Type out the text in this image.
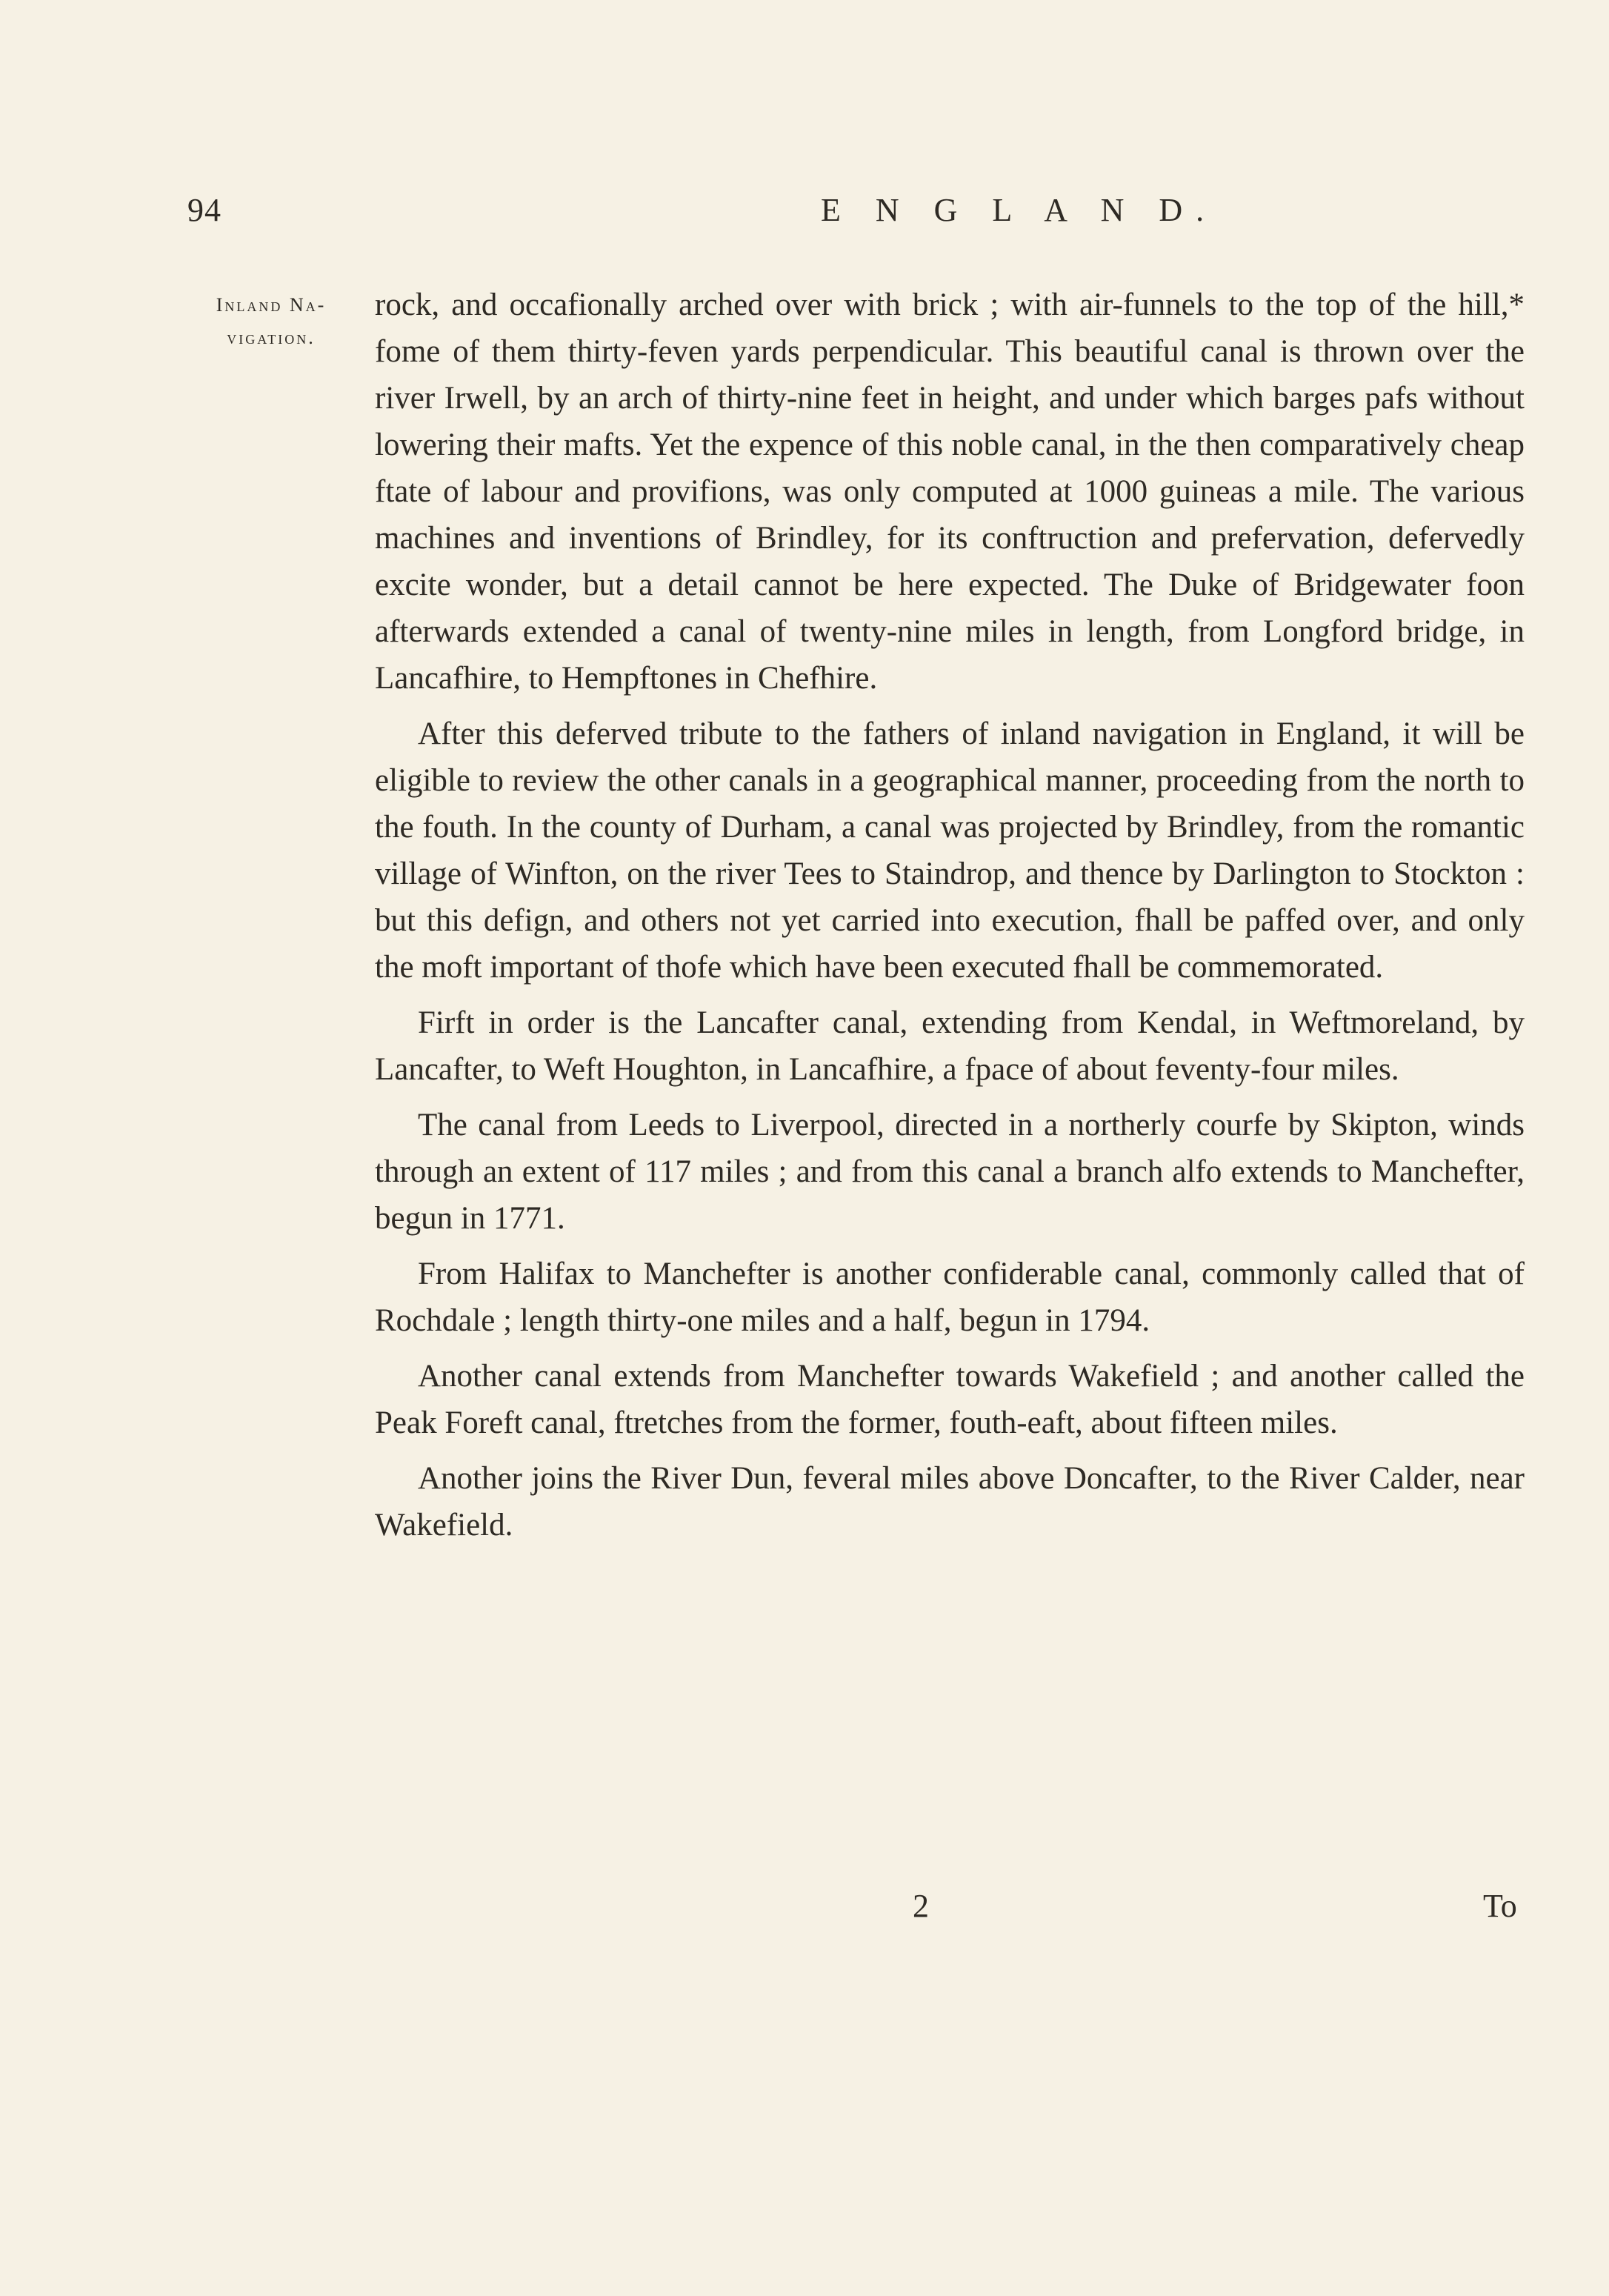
94	E N G L A N D.
Inland Na-
vigation.

rock, and occafionally arched over with brick ; with air-funnels to the top of the hill,* fome of them thirty-feven yards perpendicular. This beautiful canal is thrown over the river Irwell, by an arch of thirty-nine feet in height, and under which barges pafs without lowering their mafts. Yet the expence of this noble canal, in the then comparatively cheap ftate of labour and provifions, was only computed at 1000 guineas a mile. The various machines and inventions of Brindley, for its conftruction and prefervation, defervedly excite wonder, but a detail cannot be here expected. The Duke of Bridgewater foon afterwards extended a canal of twenty-nine miles in length, from Longford bridge, in Lancafhire, to Hempftones in Chefhire.

After this deferved tribute to the fathers of inland navigation in England, it will be eligible to review the other canals in a geographical manner, proceeding from the north to the fouth. In the county of Durham, a canal was projected by Brindley, from the romantic village of Winfton, on the river Tees to Staindrop, and thence by Darlington to Stockton : but this defign, and others not yet carried into execution, fhall be paffed over, and only the moft important of thofe which have been executed fhall be commemorated.

Firft in order is the Lancafter canal, extending from Kendal, in Weftmoreland, by Lancafter, to Weft Houghton, in Lancafhire, a fpace of about feventy-four miles.

The canal from Leeds to Liverpool, directed in a northerly courfe by Skipton, winds through an extent of 117 miles ; and from this canal a branch alfo extends to Manchefter, begun in 1771.

From Halifax to Manchefter is another confiderable canal, commonly called that of Rochdale ; length thirty-one miles and a half, begun in 1794.

Another canal extends from Manchefter towards Wakefield ; and another called the Peak Foreft canal, ftretches from the former, fouth-eaft, about fifteen miles.

Another joins the River Dun, feveral miles above Doncafter, to the River Calder, near Wakefield.

2	To
